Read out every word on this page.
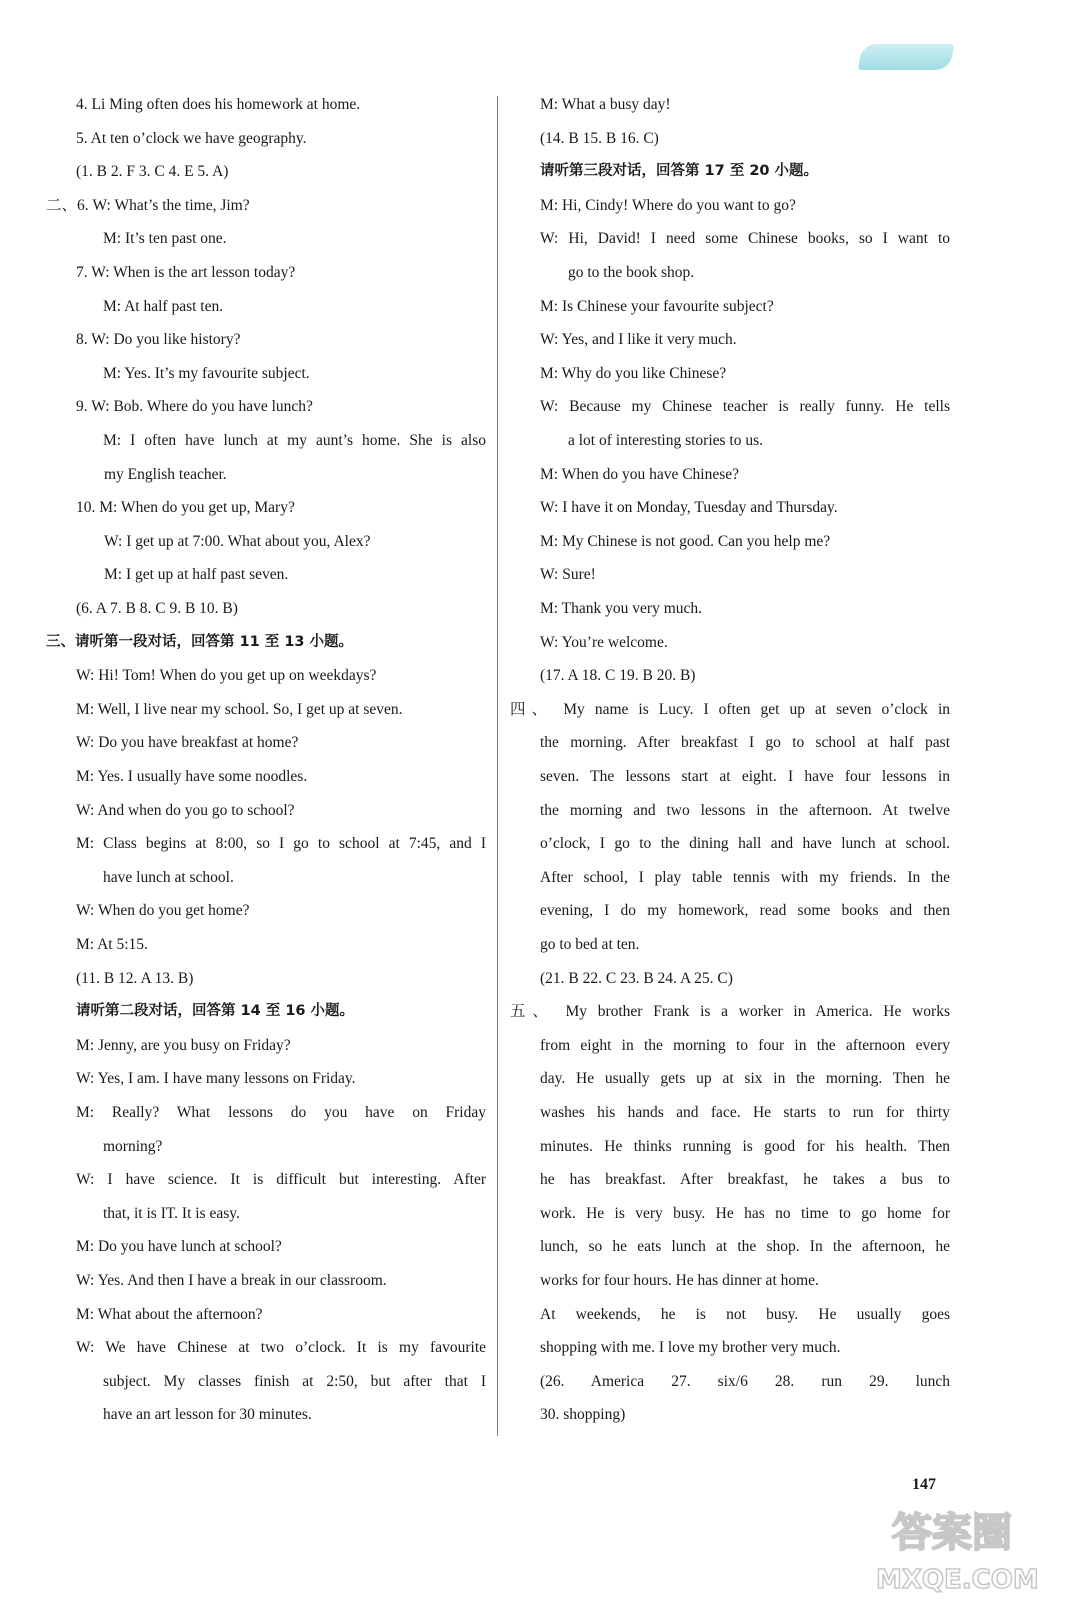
4. Li Ming often does his homework at home.
5. At ten o’clock we have geography.
(1. B 2. F 3. C 4. E 5. A)
二、6. W: What’s the time, Jim?
M: It’s ten past one.
7. W: When is the art lesson today?
M: At half past ten.
8. W: Do you like history?
M: Yes. It’s my favourite subject.
9. W: Bob. Where do you have lunch?
M: I often have lunch at my aunt’s home. She is also
my English teacher.
10. M: When do you get up, Mary?
W: I get up at 7:00. What about you, Alex?
M: I get up at half past seven.
(6. A 7. B 8. C 9. B 10. B)
三、请听第一段对话，回答第 11 至 13 小题。
W: Hi! Tom! When do you get up on weekdays?
M: Well, I live near my school. So, I get up at seven.
W: Do you have breakfast at home?
M: Yes. I usually have some noodles.
W: And when do you go to school?
M: Class begins at 8:00, so I go to school at 7:45, and I
have lunch at school.
W: When do you get home?
M: At 5:15.
(11. B 12. A 13. B)
请听第二段对话，回答第 14 至 16 小题。
M: Jenny, are you busy on Friday?
W: Yes, I am. I have many lessons on Friday.
M: Really? What lessons do you have on Friday
morning?
W: I have science. It is difficult but interesting. After
that, it is IT. It is easy.
M: Do you have lunch at school?
W: Yes. And then I have a break in our classroom.
M: What about the afternoon?
W: We have Chinese at two o’clock. It is my favourite
subject. My classes finish at 2:50, but after that I
have an art lesson for 30 minutes.
M: What a busy day!
(14. B 15. B 16. C)
请听第三段对话，回答第 17 至 20 小题。
M: Hi, Cindy! Where do you want to go?
W: Hi, David! I need some Chinese books, so I want to
go to the book shop.
M: Is Chinese your favourite subject?
W: Yes, and I like it very much.
M: Why do you like Chinese?
W: Because my Chinese teacher is really funny. He tells
a lot of interesting stories to us.
M: When do you have Chinese?
W: I have it on Monday, Tuesday and Thursday.
M: My Chinese is not good. Can you help me?
W: Sure!
M: Thank you very much.
W: You’re welcome.
(17. A 18. C 19. B 20. B)
四、 My name is Lucy. I often get up at seven o’clock in
the morning. After breakfast I go to school at half past
seven. The lessons start at eight. I have four lessons in
the morning and two lessons in the afternoon. At twelve
o’clock, I go to the dining hall and have lunch at school.
After school, I play table tennis with my friends. In the
evening, I do my homework, read some books and then
go to bed at ten.
(21. B 22. C 23. B 24. A 25. C)
五、 My brother Frank is a worker in America. He works
from eight in the morning to four in the afternoon every
day. He usually gets up at six in the morning. Then he
washes his hands and face. He starts to run for thirty
minutes. He thinks running is good for his health. Then
he has breakfast. After breakfast, he takes a bus to
work. He is very busy. He has no time to go home for
lunch, so he eats lunch at the shop. In the afternoon, he
works for four hours. He has dinner at home.
At weekends, he is not busy. He usually goes
shopping with me. I love my brother very much.
(26. America 27. six/6 28. run 29. lunch
30. shopping)
147
答案圈
MXQE.COM
